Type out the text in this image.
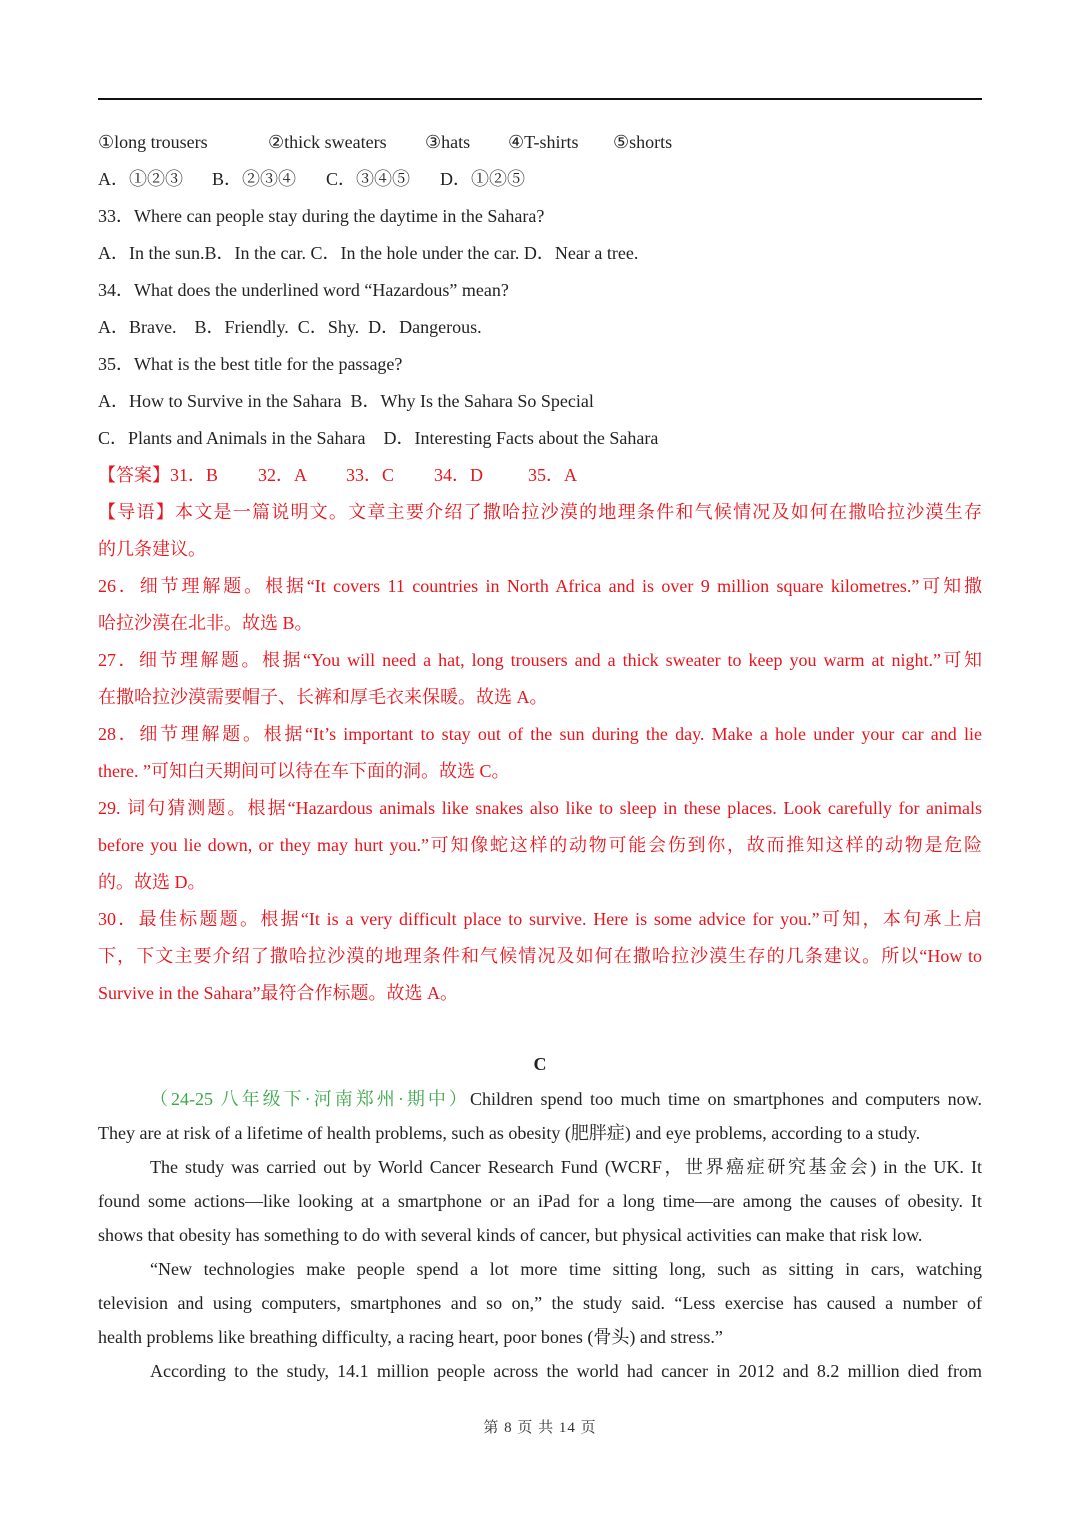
①long trousers	②thick sweaters ③hats ④T-shirts ⑤shorts
A．①②③ B．②③④ C．③④⑤ D．①②⑤
33．Where can people stay during the daytime in the Sahara?
A．In the sun.B．In the car. C．In the hole under the car. D．Near a tree.
34．What does the underlined word “Hazardous” mean?
A．Brave.    B．Friendly.  C．Shy.  D．Dangerous.
35．What is the best title for the passage?
A．How to Survive in the Sahara  B．Why Is the Sahara So Special
C．Plants and Animals in the Sahara    D．Interesting Facts about the Sahara
【答案】31．B 32．A 33．C 34．D	35．A
【导语】本文是一篇说明文。文章主要介绍了撒哈拉沙漠的地理条件和气候情况及如何在撒哈拉沙漠生存
的几条建议。
26．细节理解题。根据“It covers 11 countries in North Africa and is over 9 million square kilometres.”可知撒
哈拉沙漠在北非。故选 B。
27．细节理解题。根据“You will need a hat, long trousers and a thick sweater to keep you warm at night.”可知
在撒哈拉沙漠需要帽子、长裤和厚毛衣来保暖。故选 A。
28．细节理解题。根据“It’s important to stay out of the sun during the day. Make a hole under your car and lie
there. ”可知白天期间可以待在车下面的洞。故选 C。
29. 词句猜测题。根据“Hazardous animals like snakes also like to sleep in these places. Look carefully for animals
before you lie down, or they may hurt you.”可知像蛇这样的动物可能会伤到你，故而推知这样的动物是危险
的。故选 D。
30．最佳标题题。根据“It is a very difficult place to survive. Here is some advice for you.”可知，本句承上启
下，下文主要介绍了撒哈拉沙漠的地理条件和气候情况及如何在撒哈拉沙漠生存的几条建议。所以“How to
Survive in the Sahara”最符合作标题。故选 A。
C
（24-25 八年级下·河南郑州·期中）Children spend too much time on smartphones and computers now.
They are at risk of a lifetime of health problems, such as obesity (肥胖症) and eye problems, according to a study.
The study was carried out by World Cancer Research Fund (WCRF，世界癌症研究基金会) in the UK. It
found some actions—like looking at a smartphone or an iPad for a long time—are among the causes of obesity. It
shows that obesity has something to do with several kinds of cancer, but physical activities can make that risk low.
“New technologies make people spend a lot more time sitting long, such as sitting in cars, watching
television and using computers, smartphones and so on,” the study said. “Less exercise has caused a number of
health problems like breathing difficulty, a racing heart, poor bones (骨头) and stress.”
According to the study, 14.1 million people across the world had cancer in 2012 and 8.2 million died from
第 8 页 共 14 页
